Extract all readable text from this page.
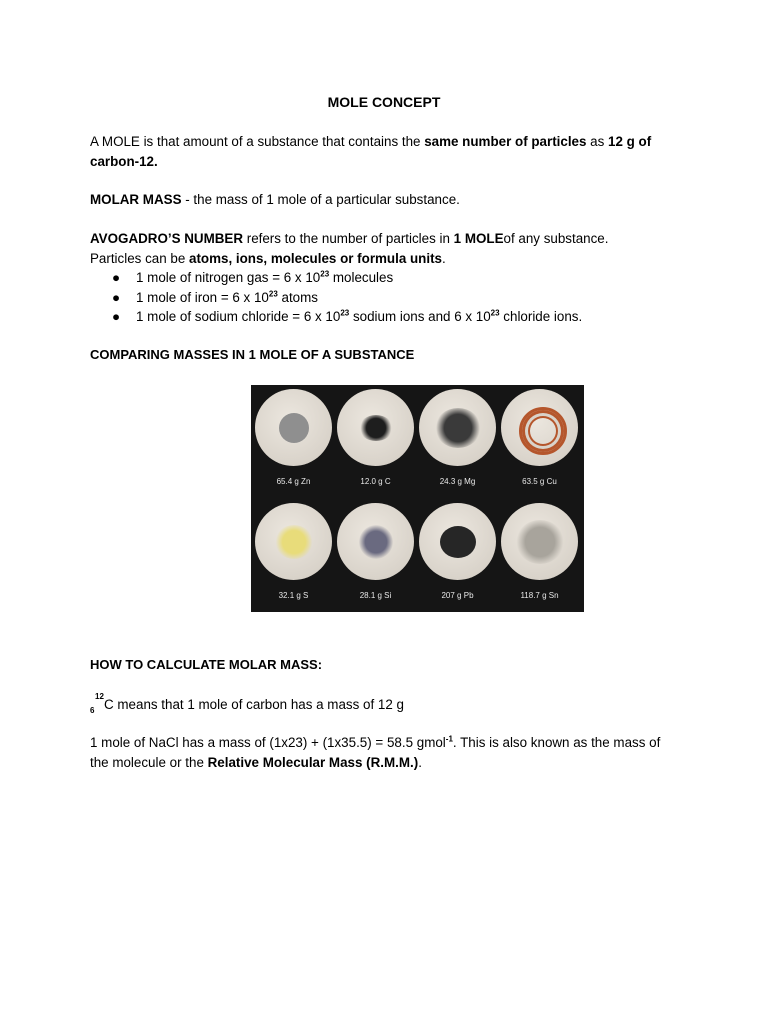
MOLE CONCEPT
A MOLE is that amount of a substance that contains the same number of particles as 12 g of carbon-12.
MOLAR MASS - the mass of 1 mole of a particular substance.
AVOGADRO’S NUMBER refers to the number of particles in 1 MOLEof any substance.
Particles can be atoms, ions, molecules or formula units.
● 1 mole of nitrogen gas = 6 x $10^{23}$ molecules
● 1 mole of iron = 6 x $10^{23}$ atoms
● 1 mole of sodium chloride = 6 x $10^{23}$ sodium ions and 6 x $10^{23}$ chloride ions.
COMPARING MASSES IN 1 MOLE OF A SUBSTANCE
65.4 g Zn	12.0 g C	24.3 g Mg	63.5 g Cu
32.1 g S	28.1 g Si	207 g Pb	118.7 g Sn
HOW TO CALCULATE MOLAR MASS:
12
6 C means that 1 mole of carbon has a mass of 12 g
1 mole of NaCl has a mass of (1x23) + (1x35.5) = 58.5 gmol$^{-1}$. This is also known as the mass of the molecule or the Relative Molecular Mass (R.M.M.).
